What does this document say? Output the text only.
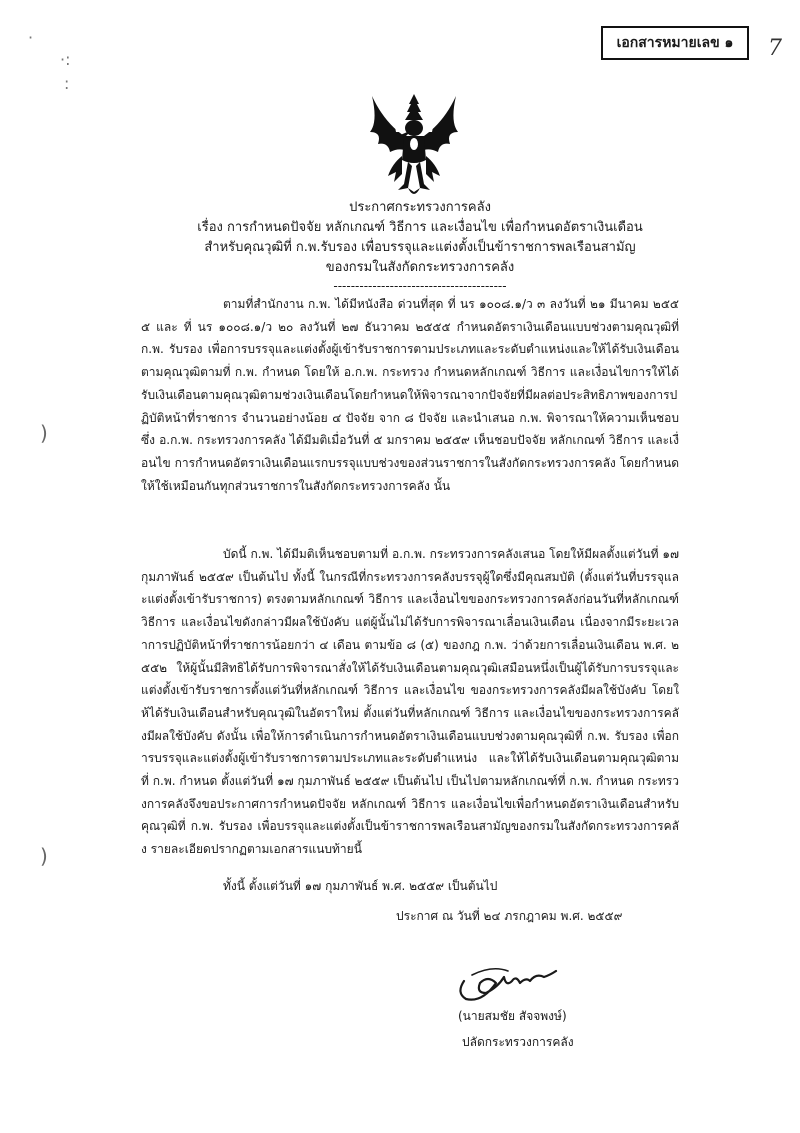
เอกสารหมายเลข ๑	7
·
·:
:
ประกาศกระทรวงการคลัง
เรื่อง การกำหนดปัจจัย หลักเกณฑ์ วิธีการ และเงื่อนไข เพื่อกำหนดอัตราเงินเดือน
สำหรับคุณวุฒิที่ ก.พ.รับรอง เพื่อบรรจุและแต่งตั้งเป็นข้าราชการพลเรือนสามัญ
ของกรมในสังกัดกระทรวงการคลัง
----------------------------------------
ตามที่สำนักงาน ก.พ. ได้มีหนังสือ ด่วนที่สุด ที่ นร ๑๐๐๘.๑/ว ๓ ลงวันที่ ๒๑ มีนาคม ๒๕๕๕ และ ที่ นร ๑๐๐๘.๑/ว ๒๐ ลงวันที่ ๒๗ ธันวาคม ๒๕๕๕ กำหนดอัตราเงินเดือนแบบช่วงตามคุณวุฒิที่ ก.พ. รับรอง เพื่อการบรรจุและแต่งตั้งผู้เข้ารับราชการตามประเภทและระดับตำแหน่งและให้ได้รับเงินเดือนตามคุณวุฒิตามที่ ก.พ. กำหนด โดยให้ อ.ก.พ. กระทรวง กำหนดหลักเกณฑ์ วิธีการ และเงื่อนไขการให้ได้รับเงินเดือนตามคุณวุฒิตามช่วงเงินเดือนโดยกำหนดให้พิจารณาจากปัจจัยที่มีผลต่อประสิทธิภาพของการปฏิบัติหน้าที่ราชการ จำนวนอย่างน้อย ๔ ปัจจัย จาก ๘ ปัจจัย และนำเสนอ ก.พ. พิจารณาให้ความเห็นชอบ ซึ่ง อ.ก.พ. กระทรวงการคลัง ได้มีมติเมื่อวันที่ ๕ มกราคม ๒๕๕๙ เห็นชอบปัจจัย หลักเกณฑ์ วิธีการ และเงื่อนไข การกำหนดอัตราเงินเดือนแรกบรรจุแบบช่วงของส่วนราชการในสังกัดกระทรวงการคลัง โดยกำหนดให้ใช้เหมือนกันทุกส่วนราชการในสังกัดกระทรวงการคลัง นั้น
บัดนี้ ก.พ. ได้มีมติเห็นชอบตามที่ อ.ก.พ. กระทรวงการคลังเสนอ โดยให้มีผลตั้งแต่วันที่ ๑๗ กุมภาพันธ์ ๒๕๕๙ เป็นต้นไป ทั้งนี้ ในกรณีที่กระทรวงการคลังบรรจุผู้ใดซึ่งมีคุณสมบัติ (ตั้งแต่วันที่บรรจุและแต่งตั้งเข้ารับราชการ) ตรงตามหลักเกณฑ์ วิธีการ และเงื่อนไขของกระทรวงการคลังก่อนวันที่หลักเกณฑ์ วิธีการ และเงื่อนไขดังกล่าวมีผลใช้บังคับ แต่ผู้นั้นไม่ได้รับการพิจารณาเลื่อนเงินเดือน เนื่องจากมีระยะเวลาการปฏิบัติหน้าที่ราชการน้อยกว่า ๔ เดือน ตามข้อ ๘ (๕) ของกฎ ก.พ. ว่าด้วยการเลื่อนเงินเดือน พ.ศ. ๒๕๕๒ ให้ผู้นั้นมีสิทธิได้รับการพิจารณาสั่งให้ได้รับเงินเดือนตามคุณวุฒิเสมือนหนึ่งเป็นผู้ได้รับการบรรจุและแต่งตั้งเข้ารับราชการตั้งแต่วันที่หลักเกณฑ์ วิธีการ และเงื่อนไข ของกระทรวงการคลังมีผลใช้บังคับ โดยให้ได้รับเงินเดือนสำหรับคุณวุฒิในอัตราใหม่ ตั้งแต่วันที่หลักเกณฑ์ วิธีการ และเงื่อนไขของกระทรวงการคลังมีผลใช้บังคับ ดังนั้น เพื่อให้การดำเนินการกำหนดอัตราเงินเดือนแบบช่วงตามคุณวุฒิที่ ก.พ. รับรอง เพื่อการบรรจุและแต่งตั้งผู้เข้ารับราชการตามประเภทและระดับตำแหน่ง และให้ได้รับเงินเดือนตามคุณวุฒิตามที่ ก.พ. กำหนด ตั้งแต่วันที่ ๑๗ กุมภาพันธ์ ๒๕๕๙ เป็นต้นไป เป็นไปตามหลักเกณฑ์ที่ ก.พ. กำหนด กระทรวงการคลังจึงขอประกาศการกำหนดปัจจัย หลักเกณฑ์ วิธีการ และเงื่อนไขเพื่อกำหนดอัตราเงินเดือนสำหรับคุณวุฒิที่ ก.พ. รับรอง เพื่อบรรจุและแต่งตั้งเป็นข้าราชการพลเรือนสามัญของกรมในสังกัดกระทรวงการคลัง รายละเอียดปรากฏตามเอกสารแนบท้ายนี้
ทั้งนี้ ตั้งแต่วันที่ ๑๗ กุมภาพันธ์ พ.ศ. ๒๕๕๙ เป็นต้นไป
ประกาศ ณ วันที่ ๒๔ ภรกฎาคม พ.ศ. ๒๕๕๙
(นายสมชัย สัจจพงษ์)
ปลัดกระทรวงการคลัง
)
)
